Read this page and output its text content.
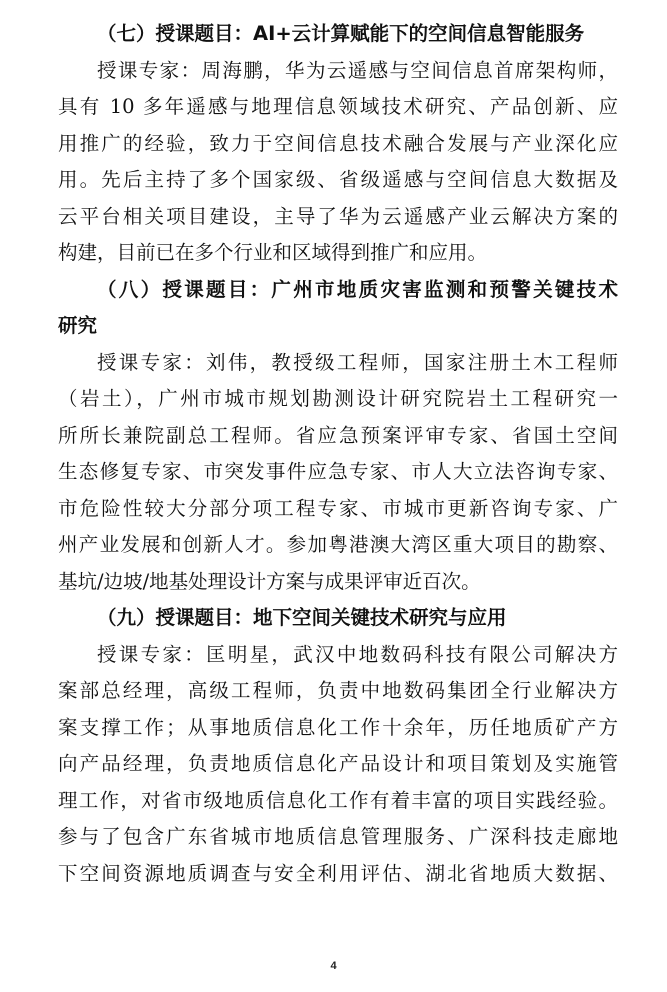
（七）授课题目：AI+云计算赋能下的空间信息智能服务
授课专家：周海鹏，华为云遥感与空间信息首席架构师，
具有 10 多年遥感与地理信息领域技术研究、产品创新、应
用推广的经验，致力于空间信息技术融合发展与产业深化应
用。先后主持了多个国家级、省级遥感与空间信息大数据及
云平台相关项目建设，主导了华为云遥感产业云解决方案的
构建，目前已在多个行业和区域得到推广和应用。
（八）授课题目：广州市地质灾害监测和预警关键技术
研究
授课专家：刘伟，教授级工程师，国家注册土木工程师
（岩土），广州市城市规划勘测设计研究院岩土工程研究一
所所长兼院副总工程师。省应急预案评审专家、省国土空间
生态修复专家、市突发事件应急专家、市人大立法咨询专家、
市危险性较大分部分项工程专家、市城市更新咨询专家、广
州产业发展和创新人才。参加粤港澳大湾区重大项目的勘察、
基坑/边坡/地基处理设计方案与成果评审近百次。
（九）授课题目：地下空间关键技术研究与应用
授课专家：匡明星，武汉中地数码科技有限公司解决方
案部总经理，高级工程师，负责中地数码集团全行业解决方
案支撑工作；从事地质信息化工作十余年，历任地质矿产方
向产品经理，负责地质信息化产品设计和项目策划及实施管
理工作，对省市级地质信息化工作有着丰富的项目实践经验。
参与了包含广东省城市地质信息管理服务、广深科技走廊地
下空间资源地质调查与安全利用评估、湖北省地质大数据、
4
